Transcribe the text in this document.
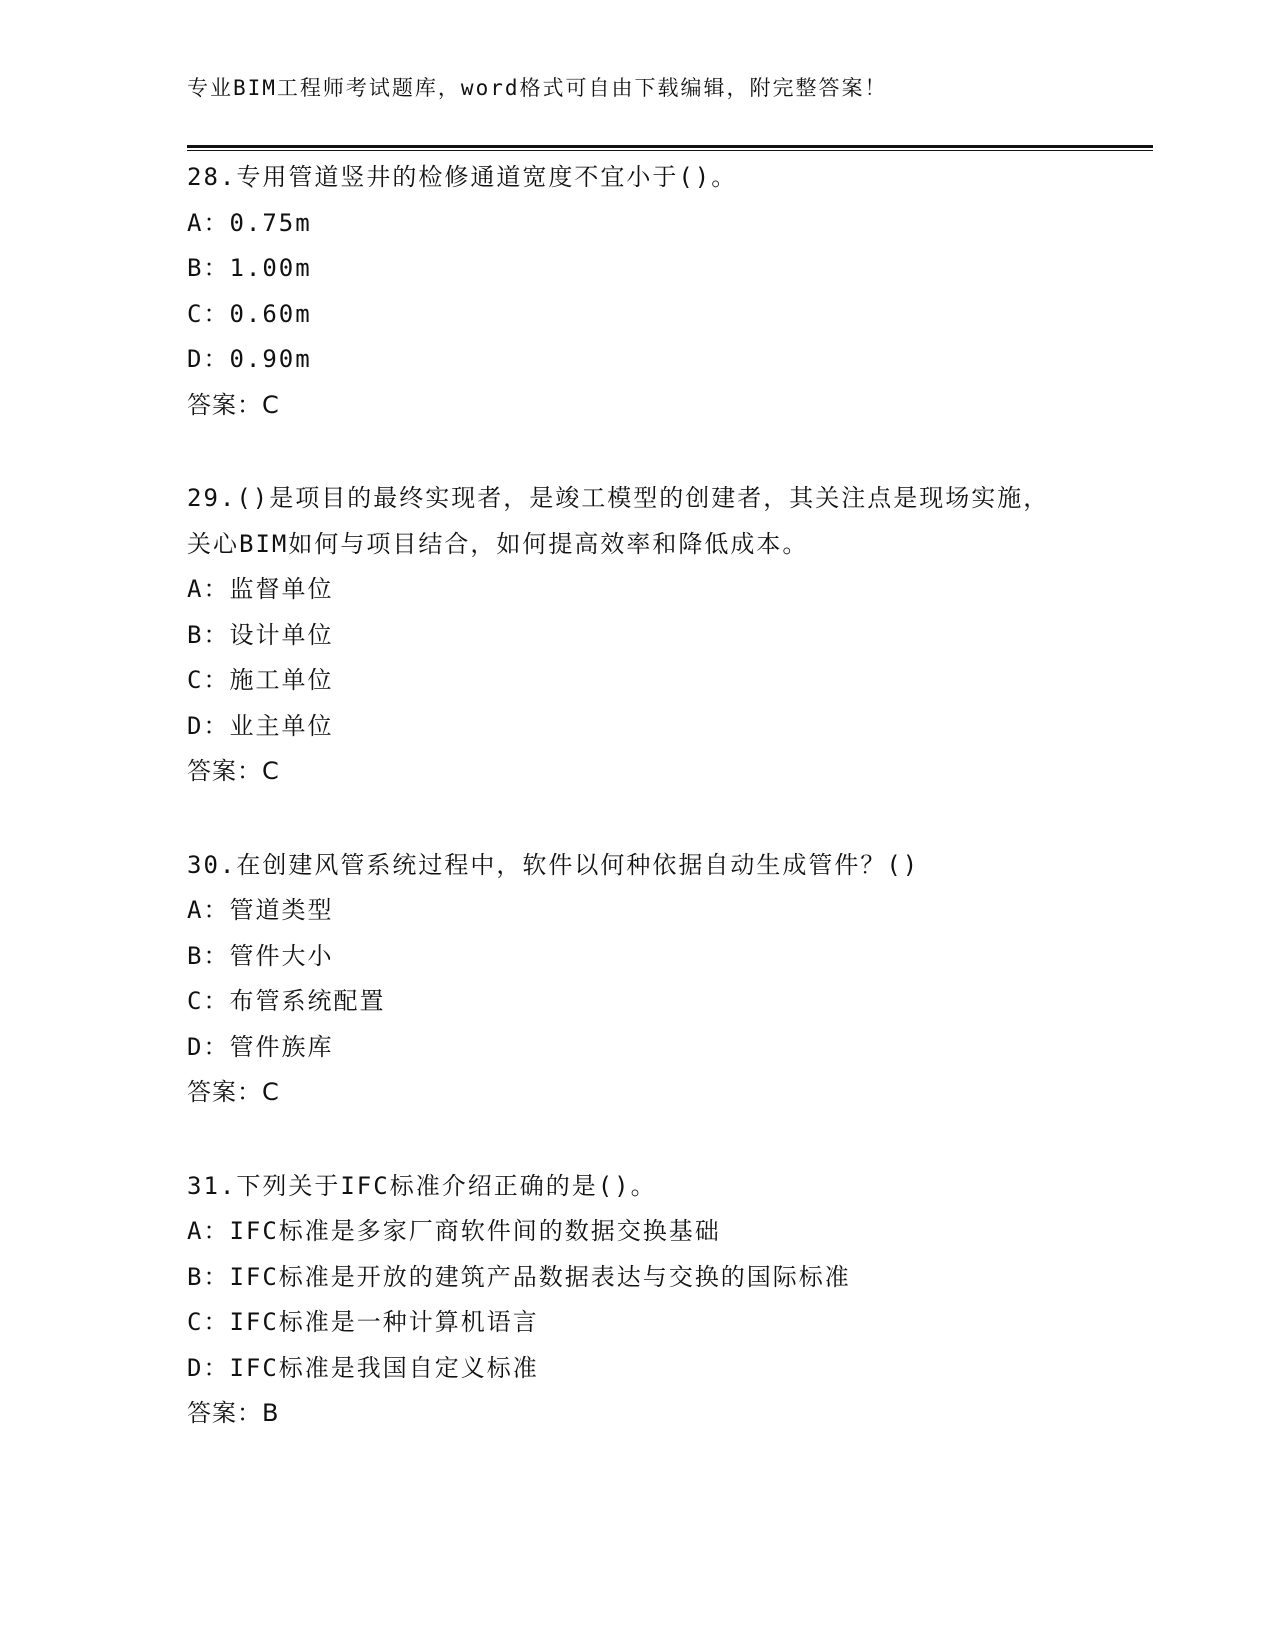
专业BIM工程师考试题库，word格式可自由下载编辑，附完整答案！
28.专用管道竖井的检修通道宽度不宜小于()。
A：0.75m
B：1.00m
C：0.60m
D：0.90m
答案：C
29.()是项目的最终实现者，是竣工模型的创建者，其关注点是现场实施，关心BIM如何与项目结合，如何提高效率和降低成本。
A：监督单位
B：设计单位
C：施工单位
D：业主单位
答案：C
30.在创建风管系统过程中，软件以何种依据自动生成管件？()
A：管道类型
B：管件大小
C：布管系统配置
D：管件族库
答案：C
31.下列关于IFC标准介绍正确的是()。
A：IFC标准是多家厂商软件间的数据交换基础
B：IFC标准是开放的建筑产品数据表达与交换的国际标准
C：IFC标准是一种计算机语言
D：IFC标准是我国自定义标准
答案：B
